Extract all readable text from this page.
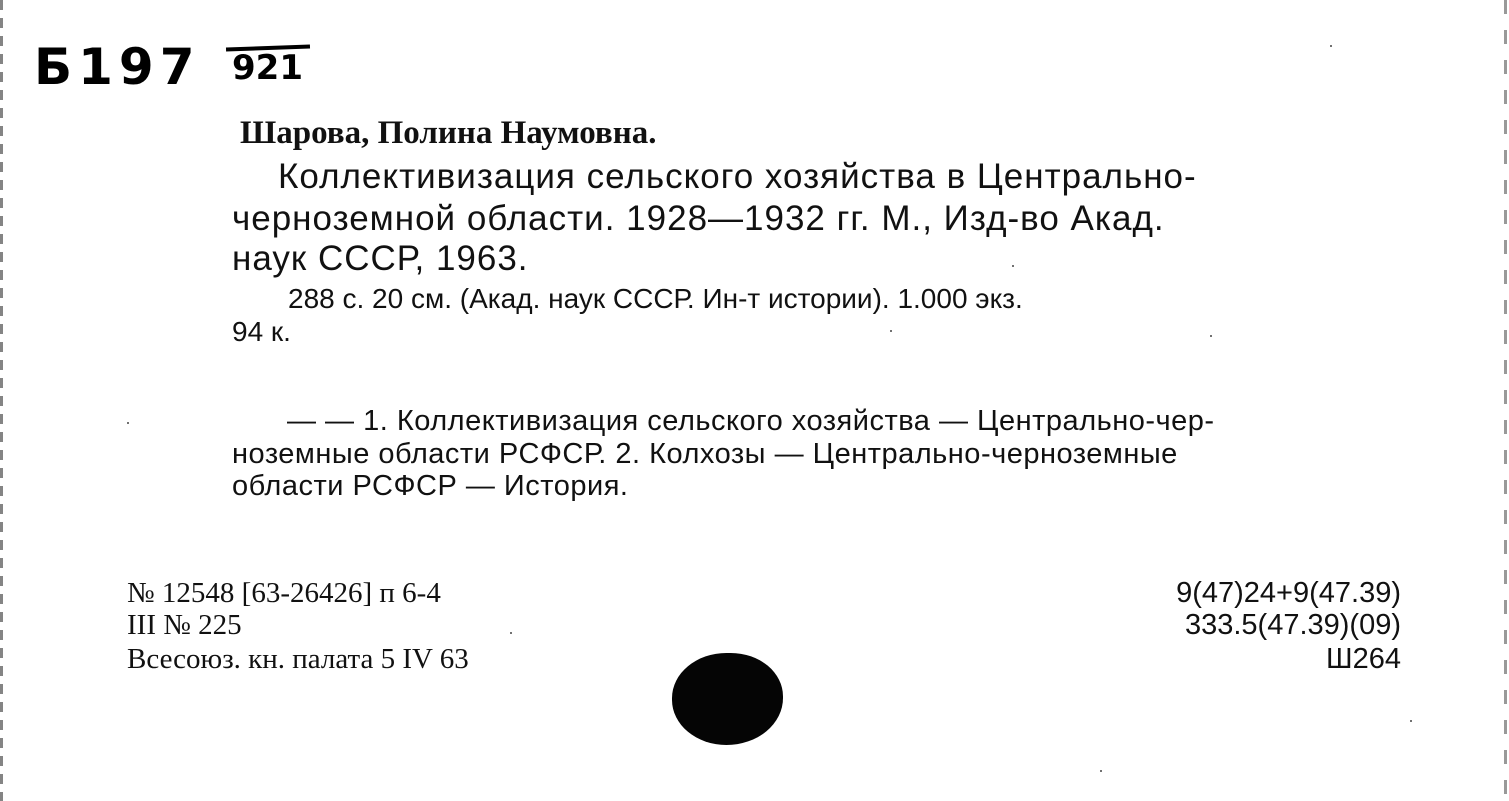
Б197 921
Шарова, Полина Наумовна.
Коллективизация сельского хозяйства в Центрально-
черноземной области. 1928—1932 гг. М., Изд-во Акад.
наук СССР, 1963.
288 с. 20 см. (Акад. наук СССР. Ин-т истории). 1.000 экз.
94 к.
— — 1. Коллективизация сельского хозяйства — Центрально-чер-
ноземные области РСФСР. 2. Колхозы — Центрально-черноземные
области РСФСР — История.
№ 12548 [63-26426] п 6-4
III № 225
Всесоюз. кн. палата 5 IV 63
9(47)24+9(47.39)
333.5(47.39)(09)
Ш264
